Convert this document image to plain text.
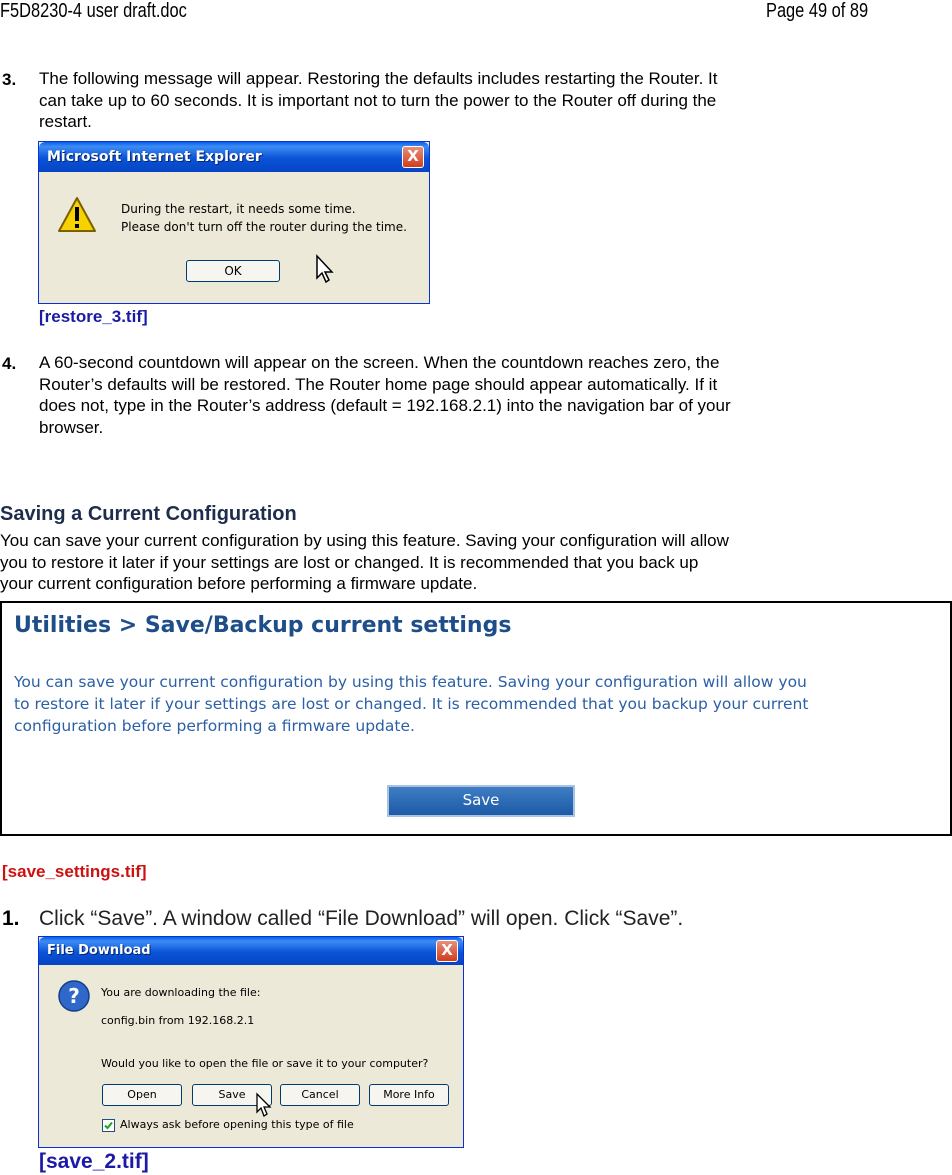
F5D8230-4 user draft.doc	Page 49 of 89
3. The following message will appear. Restoring the defaults includes restarting the Router. It
can take up to 60 seconds. It is important not to turn the power to the Router off during the
restart.
Microsoft Internet Explorer	X
During the restart, it needs some time.
Please don't turn off the router during the time.
OK
[restore_3.tif]
4. A 60-second countdown will appear on the screen. When the countdown reaches zero, the
Router’s defaults will be restored. The Router home page should appear automatically. If it
does not, type in the Router’s address (default = 192.168.2.1) into the navigation bar of your
browser.
Saving a Current Configuration
You can save your current configuration by using this feature. Saving your configuration will allow
you to restore it later if your settings are lost or changed. It is recommended that you back up
your current configuration before performing a firmware update.
Utilities > Save/Backup current settings
You can save your current configuration by using this feature. Saving your configuration will allow you
to restore it later if your settings are lost or changed. It is recommended that you backup your current
configuration before performing a firmware update.
Save
[save_settings.tif]
1. Click “Save”. A window called “File Download” will open. Click “Save”.
File Download	X
? You are downloading the file:
config.bin from 192.168.2.1
Would you like to open the file or save it to your computer?
Open	Save	Cancel	More Info
Always ask before opening this type of file
[save_2.tif]
